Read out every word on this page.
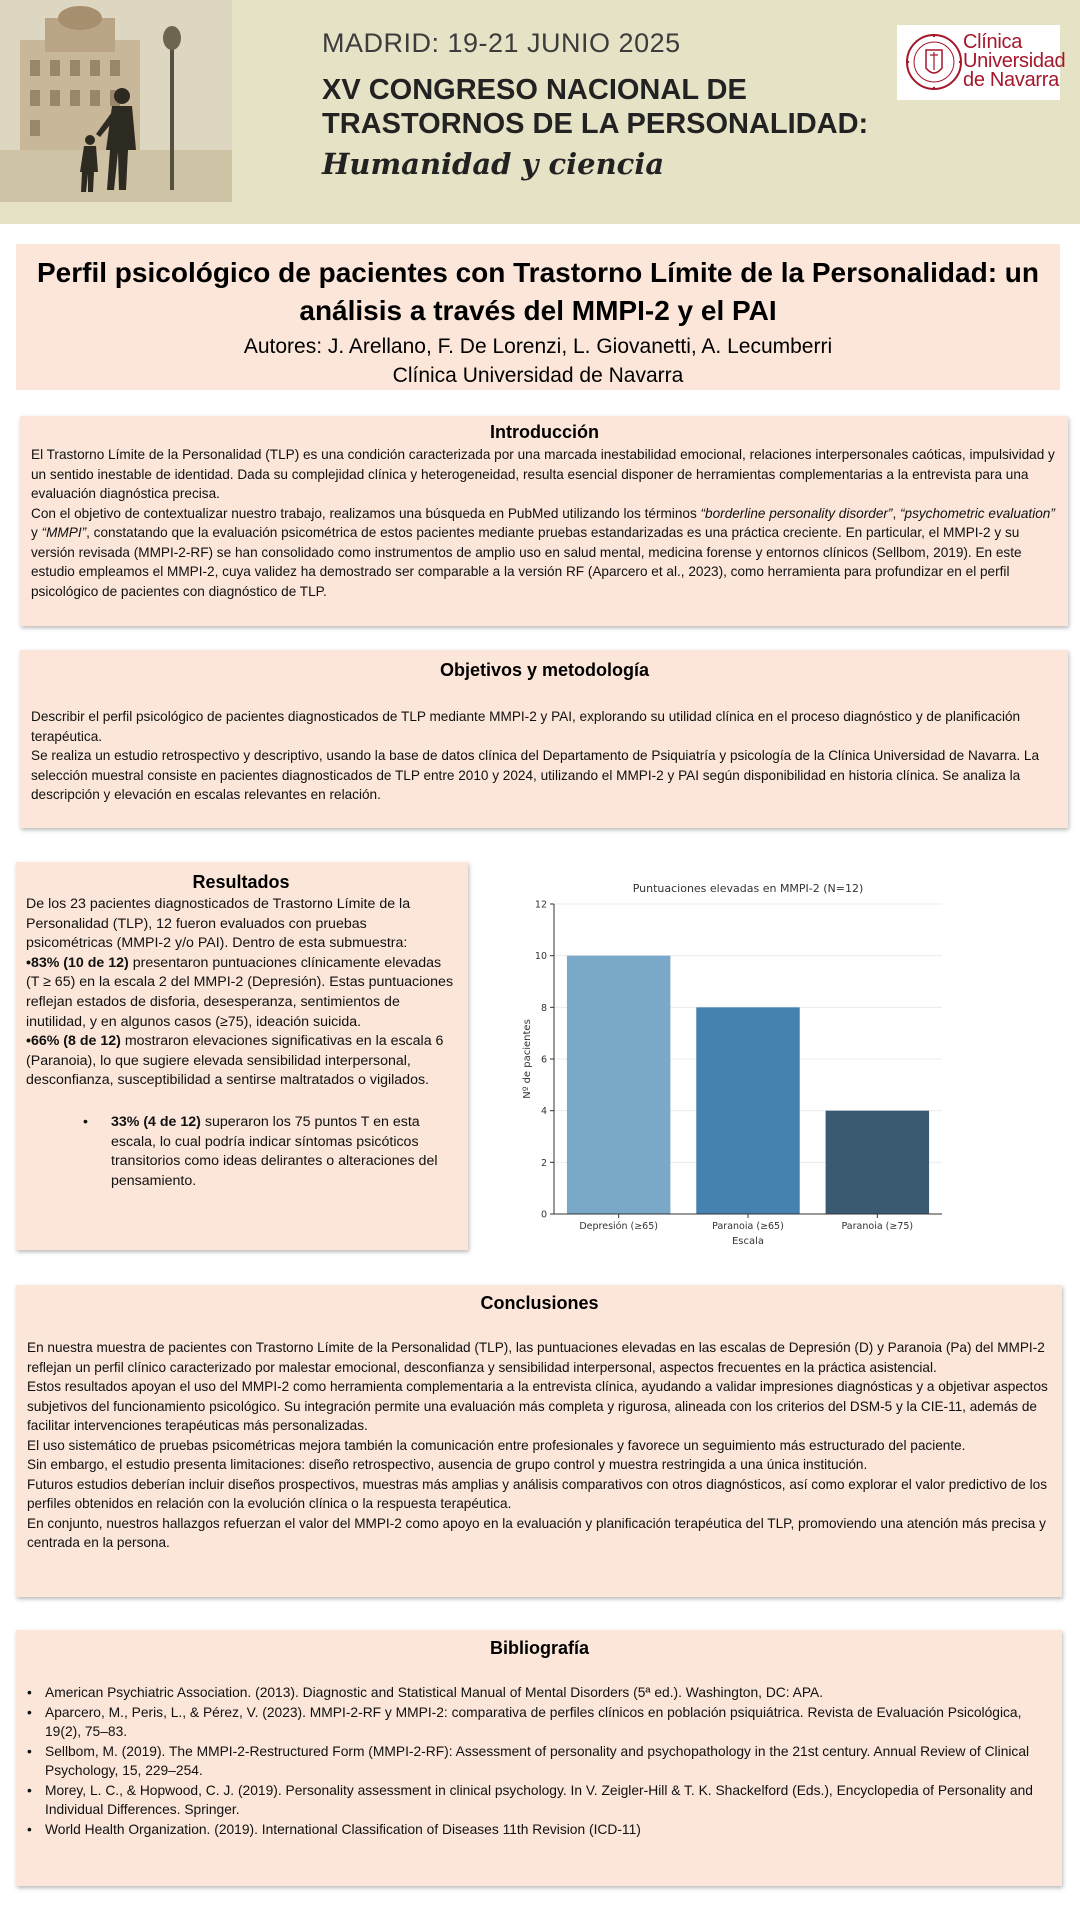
MADRID: 19-21 JUNIO 2025
XV CONGRESO NACIONAL DE
TRASTORNOS DE LA PERSONALIDAD:
Humanidad y ciencia
Clínica
Universidad
de Navarra
Perfil psicológico de pacientes con Trastorno Límite de la Personalidad: un análisis a través del MMPI-2 y el PAI
Autores: J. Arellano, F. De Lorenzi, L. Giovanetti, A. Lecumberri
Clínica Universidad de Navarra
Introducción

El Trastorno Límite de la Personalidad (TLP) es una condición caracterizada por una marcada inestabilidad emocional, relaciones interpersonales caóticas, impulsividad y un sentido inestable de identidad. Dada su complejidad clínica y heterogeneidad, resulta esencial disponer de herramientas complementarias a la entrevista para una evaluación diagnóstica precisa.

Con el objetivo de contextualizar nuestro trabajo, realizamos una búsqueda en PubMed utilizando los términos “borderline personality disorder”, “psychometric evaluation” y “MMPI”, constatando que la evaluación psicométrica de estos pacientes mediante pruebas estandarizadas es una práctica creciente. En particular, el MMPI-2 y su versión revisada (MMPI-2-RF) se han consolidado como instrumentos de amplio uso en salud mental, medicina forense y entornos clínicos (Sellbom, 2019). En este estudio empleamos el MMPI-2, cuya validez ha demostrado ser comparable a la versión RF (Aparcero et al., 2023), como herramienta para profundizar en el perfil psicológico de pacientes con diagnóstico de TLP.

Objetivos y metodología

Describir el perfil psicológico de pacientes diagnosticados de TLP mediante MMPI-2 y PAI, explorando su utilidad clínica en el proceso diagnóstico y de planificación terapéutica.

Se realiza un estudio retrospectivo y descriptivo, usando la base de datos clínica del Departamento de Psiquiatría y psicología de la Clínica Universidad de Navarra. La selección muestral consiste en pacientes diagnosticados de TLP entre 2010 y 2024, utilizando el MMPI-2 y PAI según disponibilidad en historia clínica. Se analiza la descripción y elevación en escalas relevantes en relación.

Resultados

De los 23 pacientes diagnosticados de Trastorno Límite de la Personalidad (TLP), 12 fueron evaluados con pruebas psicométricas (MMPI-2 y/o PAI). Dentro de esta submuestra:

•83% (10 de 12) presentaron puntuaciones clínicamente elevadas (T ≥ 65) en la escala 2 del MMPI-2 (Depresión). Estas puntuaciones reflejan estados de disforia, desesperanza, sentimientos de inutilidad, y en algunos casos (≥75), ideación suicida.

•66% (8 de 12) mostraron elevaciones significativas en la escala 6 (Paranoia), lo que sugiere elevada sensibilidad interpersonal, desconfianza, susceptibilidad a sentirse maltratados o vigilados.

•	33% (4 de 12) superaron los 75 puntos T en esta escala, lo cual podría indicar síntomas psicóticos transitorios como ideas delirantes o alteraciones del pensamiento.

Puntuaciones elevadas en MMPI-2 (N=12)
0
2
4
6
8
10
12
Depresión (≥65)	Paranoia (≥65)	Paranoia (≥75)
Escala
Nº de pacientes
Conclusiones

En nuestra muestra de pacientes con Trastorno Límite de la Personalidad (TLP), las puntuaciones elevadas en las escalas de Depresión (D) y Paranoia (Pa) del MMPI-2 reflejan un perfil clínico caracterizado por malestar emocional, desconfianza y sensibilidad interpersonal, aspectos frecuentes en la práctica asistencial.

Estos resultados apoyan el uso del MMPI-2 como herramienta complementaria a la entrevista clínica, ayudando a validar impresiones diagnósticas y a objetivar aspectos subjetivos del funcionamiento psicológico. Su integración permite una evaluación más completa y rigurosa, alineada con los criterios del DSM-5 y la CIE-11, además de facilitar intervenciones terapéuticas más personalizadas.

El uso sistemático de pruebas psicométricas mejora también la comunicación entre profesionales y favorece un seguimiento más estructurado del paciente.

Sin embargo, el estudio presenta limitaciones: diseño retrospectivo, ausencia de grupo control y muestra restringida a una única institución.

Futuros estudios deberían incluir diseños prospectivos, muestras más amplias y análisis comparativos con otros diagnósticos, así como explorar el valor predictivo de los perfiles obtenidos en relación con la evolución clínica o la respuesta terapéutica.

En conjunto, nuestros hallazgos refuerzan el valor del MMPI-2 como apoyo en la evaluación y planificación terapéutica del TLP, promoviendo una atención más precisa y centrada en la persona.

Bibliografía
• American Psychiatric Association. (2013). Diagnostic and Statistical Manual of Mental Disorders (5ª ed.). Washington, DC: APA.
• Aparcero, M., Peris, L., & Pérez, V. (2023). MMPI-2-RF y MMPI-2: comparativa de perfiles clínicos en población psiquiátrica. Revista de Evaluación Psicológica, 19(2), 75–83.
• Sellbom, M. (2019). The MMPI-2-Restructured Form (MMPI-2-RF): Assessment of personality and psychopathology in the 21st century. Annual Review of Clinical Psychology, 15, 229–254.
• Morey, L. C., & Hopwood, C. J. (2019). Personality assessment in clinical psychology. In V. Zeigler-Hill & T. K. Shackelford (Eds.), Encyclopedia of Personality and Individual Differences. Springer.
• World Health Organization. (2019). International Classification of Diseases 11th Revision (ICD-11)
